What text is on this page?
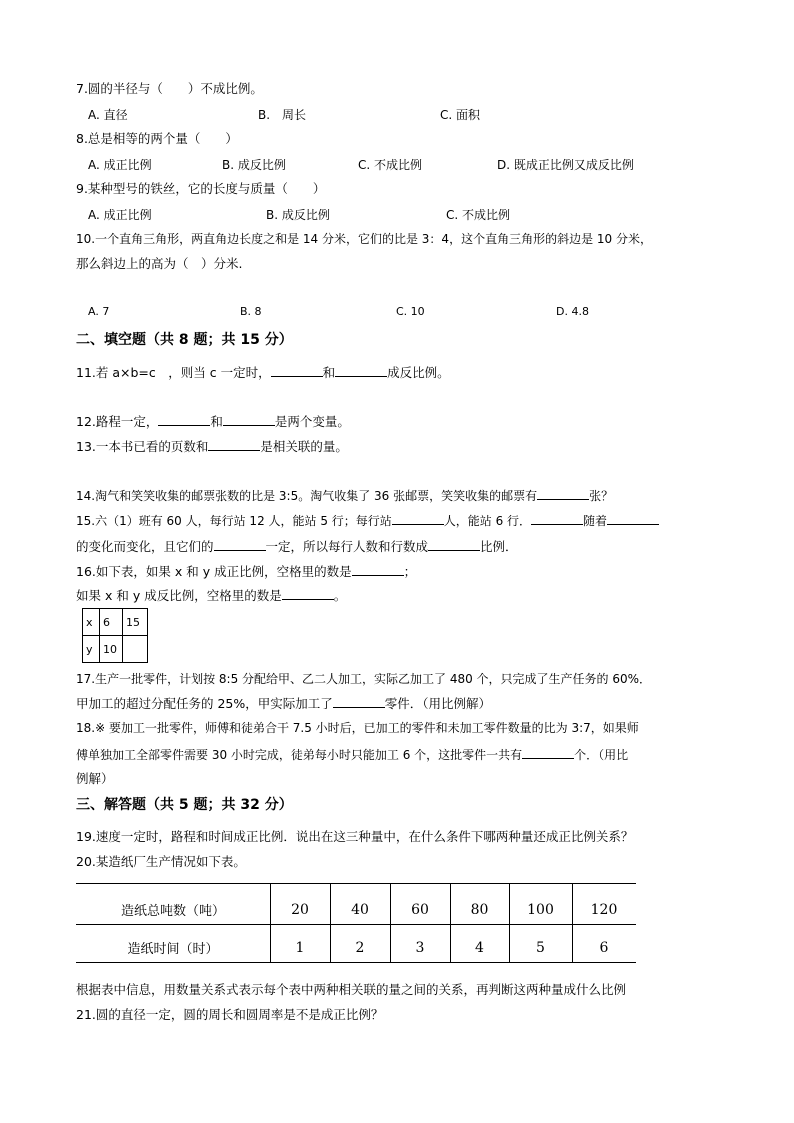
7.圆的半径与（　　）不成比例。
A. 直径	B.　周长	C. 面积
8.总是相等的两个量（　　）
A. 成正比例	B. 成反比例	C. 不成比例	D. 既成正比例又成反比例
9.某种型号的铁丝，它的长度与质量（　　）
A. 成正比例	B. 成反比例	C. 不成比例
10.一个直角三角形，两直角边长度之和是 14 分米，它们的比是 3：4，这个直角三角形的斜边是 10 分米，
那么斜边上的高为（　）分米.
A. 7	B. 8	C. 10	D. 4.8
二、填空题（共 8 题；共 15 分）
11.若 a×b=c　，则当 c 一定时，	和	成反比例。
12.路程一定，	和	是两个变量。
13.一本书已看的页数和	是相关联的量。
14.淘气和笑笑收集的邮票张数的比是 3:5。淘气收集了 36 张邮票，笑笑收集的邮票有	张？
15.六（1）班有 60 人，每行站 12 人，能站 5 行；每行站	人，能站 6 行．	随着
的变化而变化，且它们的	一定，所以每行人数和行数成	比例．
16.如下表，如果 x 和 y 成正比例，空格里的数是	；
如果 x 和 y 成反比例，空格里的数是	。
x	6	15
y	10	
17.生产一批零件，计划按 8:5 分配给甲、乙二人加工，实际乙加工了 480 个，只完成了生产任务的 60%．
甲加工的超过分配任务的 25%，甲实际加工了	零件．（用比例解）
18.※ 要加工一批零件，师傅和徒弟合干 7.5 小时后，已加工的零件和未加工零件数量的比为 3:7，如果师
傅单独加工全部零件需要 30 小时完成，徒弟每小时只能加工 6 个，这批零件一共有	个．（用比
例解）
三、解答题（共 5 题；共 32 分）
19.速度一定时，路程和时间成正比例．说出在这三种量中，在什么条件下哪两种量还成正比例关系？
20.某造纸厂生产情况如下表。
造纸总吨数（吨）	20	40	60	80	100	120
造纸时间（时）	1	2	3	4	5	6
根据表中信息，用数量关系式表示每个表中两种相关联的量之间的关系，再判断这两种量成什么比例
21.圆的直径一定，圆的周长和圆周率是不是成正比例？
